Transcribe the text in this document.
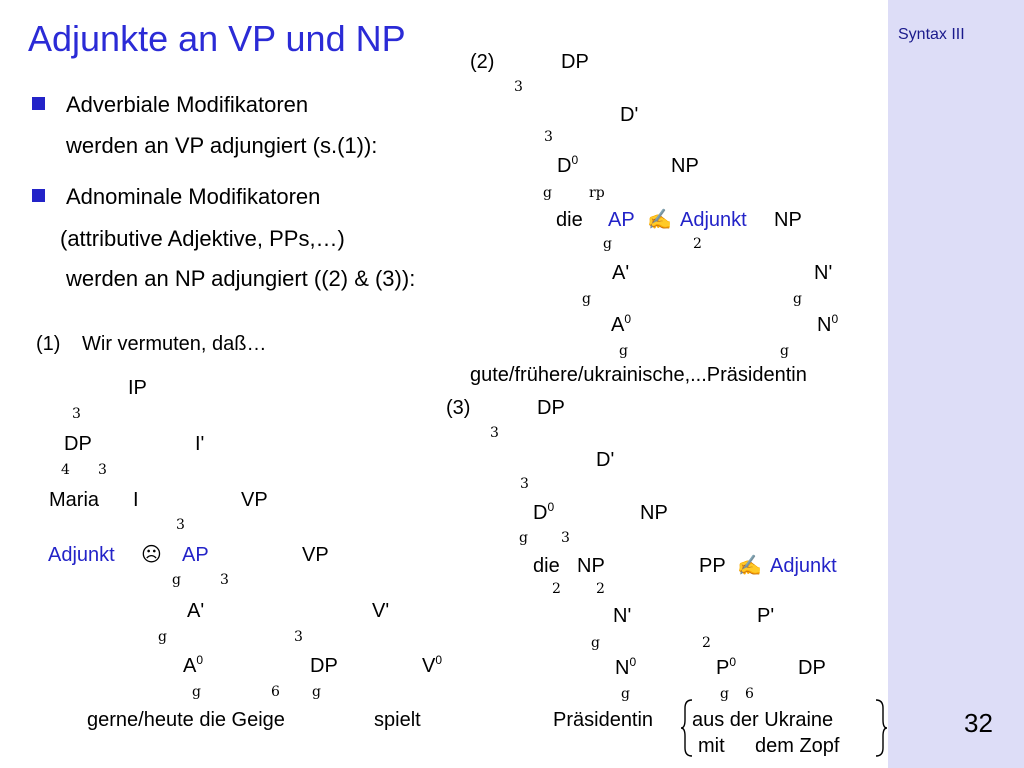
Syntax III
32
Adjunkte an VP und NP
Adverbiale Modifikatoren
werden an VP adjungiert (s.(1)):
Adnominale Modifikatoren
(attributive Adjektive, PPs,…)
werden an NP adjungiert ((2) & (3)):
(1) Wir vermuten, daß…
IP
3
DP	I'
4 3
Maria I	VP
3
Adjunkt ☹ AP	VP
g	3
A'	V'
g	3
$A^0$	DP	$V^0$
g	6 g
gerne/heute die Geige	spielt
(2)	DP
3
D'
3
$D^0$	NP
g	rp
die AP ✍ Adjunkt NP
g	2
A'	N'
g	g
$A^0$	$N^0$
g	g
gute/frühere/ukrainische,...Präsidentin
(3)	DP
3
D'
3
$D^0$	NP
g 3
die NP	PP ✍ Adjunkt
2	2
N'	P'
g	2
$N^0$	$P^0$	DP
g	g 6
Präsidentin aus der Ukraine
mit dem Zopf
